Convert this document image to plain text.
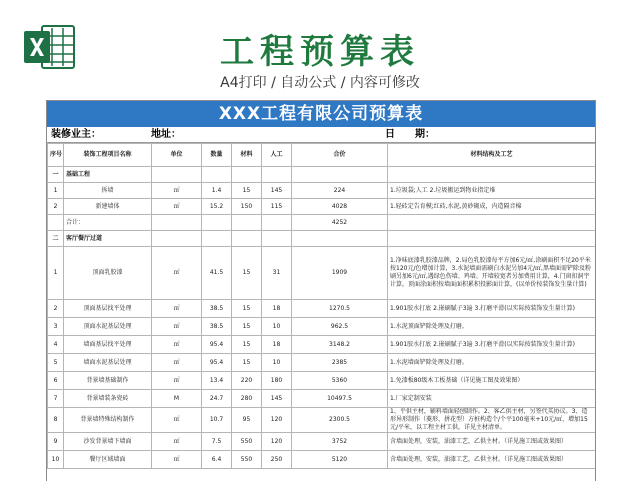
工程预算表
A4打印 / 自动公式 / 内容可修改
XXX工程有限公司预算表
装修业主：	地址：	日　　期：
序号	装饰工程项目名称	单位	数量	材料	人工	合价	材料结构及工艺
一	基础工程						
1	拆墙	㎡	1.4	15	145	224	1.垃圾袋;人工 2.垃圾搬运到物业指定堆
2	新建墙体	㎡	15.2	150	115	4028	1.轻砖定告育模;红砖,水泥,黄砂砌成，内造隔音棉
	合计：					4252	
二	客厅餐厅过道						
1	顶面乳胶漆	㎡	41.5	15	31	1909	1.净味底漆乳胶漆品牌，2.局色乳胶漆每平方加6元/㎡,涂刷面积不足20平米按120元/色增加计算，3.水泥墙面需刷白水泥另加4元/㎡,黑墙面需铲除及粉刷另加6元/㎡,遇绿色伤墙、鸡墙、开墙较宽者另加费用计算，4.门窗扣洞宇计算，顶面涂面积按墙面面积累积投影面计算，(以单价按装饰发生量计算)
2	顶面基层找平处理	㎡	38.5	15	18	1270.5	1.901胶水打底 2.嵌刷腻子3遍 3.打磨平滑(以实际按装饰发生量计算)
3	顶面水泥基层处理	㎡	38.5	15	10	962.5	1.水泥顶面铲除处理及打磨。
4	墙面基层找平处理	㎡	95.4	15	18	3148.2	1.901胶水打底 2.嵌刷腻子3遍 3.打磨平滑(以实际按装饰发生量计算)
5	墙面水泥基层处理	㎡	95.4	15	10	2385	1.水泥墙面铲除处理及打磨。
6	背景墙基础制作	㎡	13.4	220	180	5360	1.免漆板80级木工板基础（详见施工图及效果图）
7	背景墙装条瓷砖	M	24.7	280	145	10497.5	1.厂家定制安装
8	背景墙特殊结构制作	㎡	10.7	95	120	2300.5	1、平供主材，辅料墙面轻刨制作。2、客乙供主材，另签代买协议。3、造形异形制作（菱形、拼花型）方桩构造个/个平100毫米+10元/㎡，增加15元/平米，以工程主材工供，详见主材清单。
9	沙发背景墙下墙面	㎡	7.5	550	120	3752	含墙面处理，安装，油漆工艺，乙供主材。（详见施工图或效果图）
10	餐厅区域墙面	㎡	6.4	550	250	5120	含墙面处理，安装，油漆工艺，乙供主材。（详见施工图或效果图）
